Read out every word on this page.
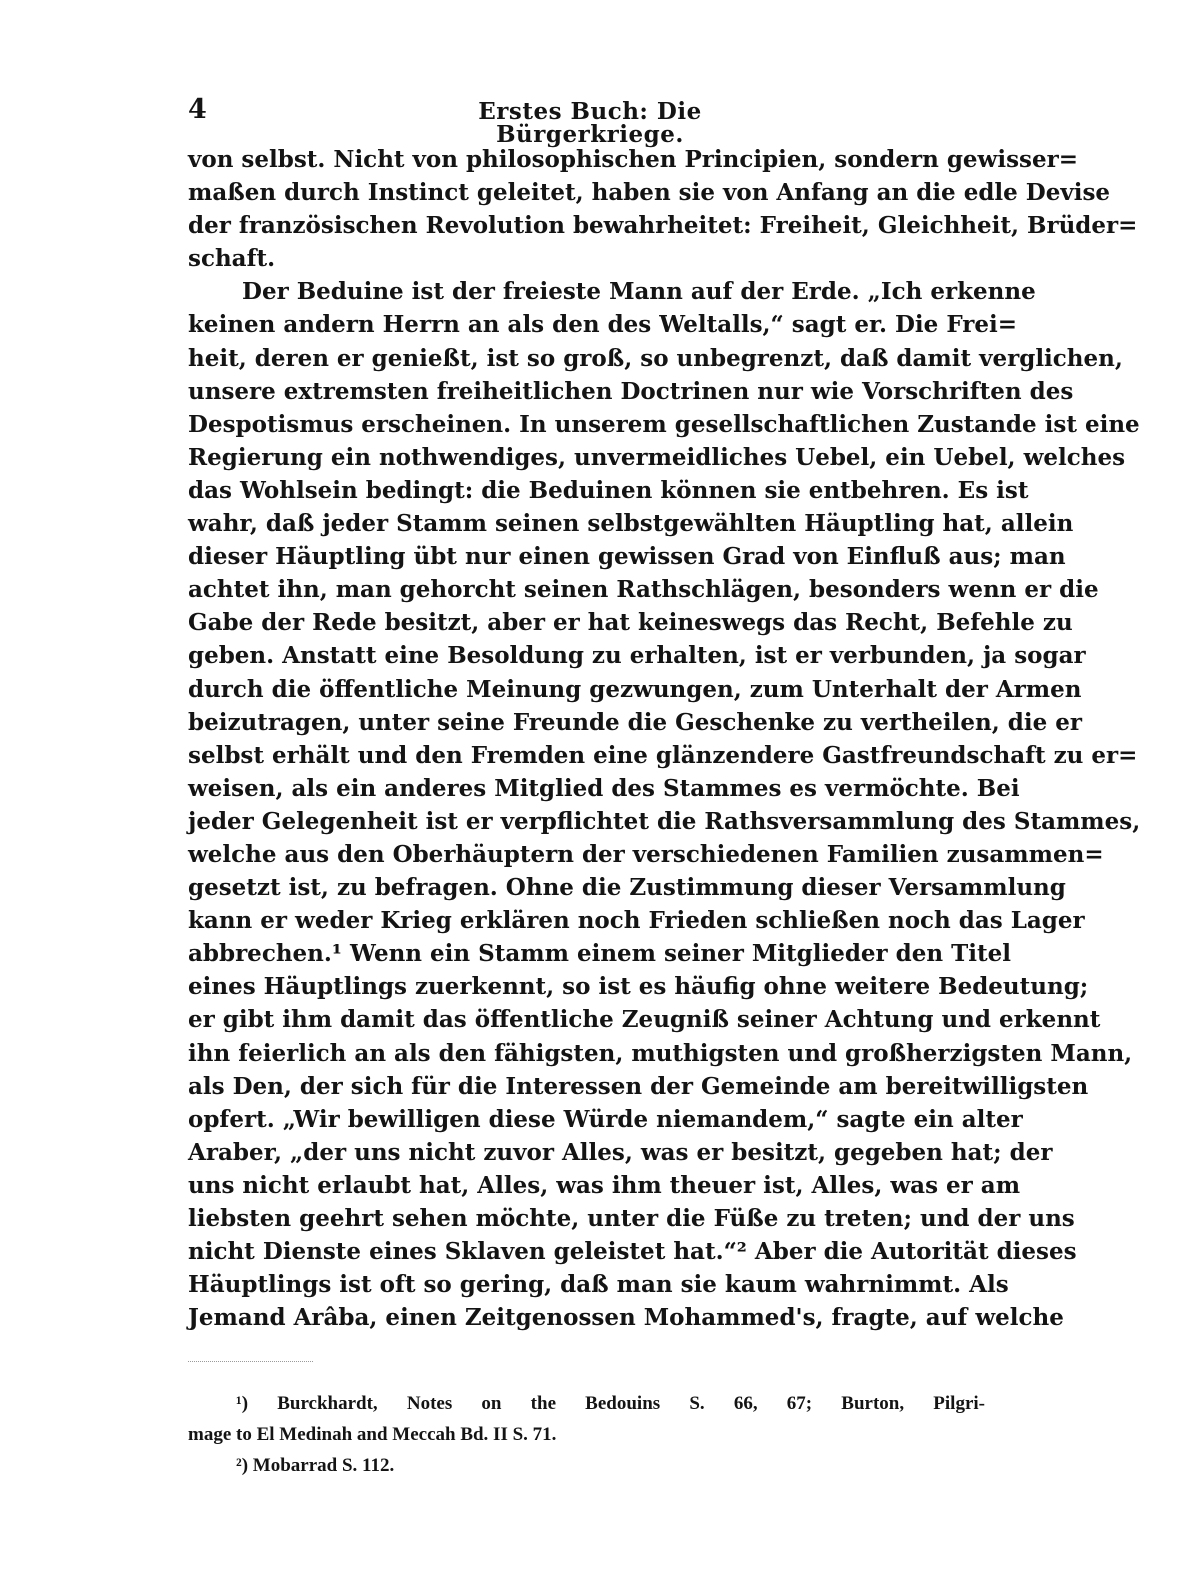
4	Erstes Buch: Die Bürgerkriege.
von selbst. Nicht von philosophischen Principien, sondern gewisser=
maßen durch Instinct geleitet, haben sie von Anfang an die edle Devise
der französischen Revolution bewahrheitet: Freiheit, Gleichheit, Brüder=
schaft.
Der Beduine ist der freieste Mann auf der Erde. „Ich erkenne
keinen andern Herrn an als den des Weltalls,“ sagt er. Die Frei=
heit, deren er genießt, ist so groß, so unbegrenzt, daß damit verglichen,
unsere extremsten freiheitlichen Doctrinen nur wie Vorschriften des
Despotismus erscheinen. In unserem gesellschaftlichen Zustande ist eine
Regierung ein nothwendiges, unvermeidliches Uebel, ein Uebel, welches
das Wohlsein bedingt: die Beduinen können sie entbehren. Es ist
wahr, daß jeder Stamm seinen selbstgewählten Häuptling hat, allein
dieser Häuptling übt nur einen gewissen Grad von Einfluß aus; man
achtet ihn, man gehorcht seinen Rathschlägen, besonders wenn er die
Gabe der Rede besitzt, aber er hat keineswegs das Recht, Befehle zu
geben. Anstatt eine Besoldung zu erhalten, ist er verbunden, ja sogar
durch die öffentliche Meinung gezwungen, zum Unterhalt der Armen
beizutragen, unter seine Freunde die Geschenke zu vertheilen, die er
selbst erhält und den Fremden eine glänzendere Gastfreundschaft zu er=
weisen, als ein anderes Mitglied des Stammes es vermöchte. Bei
jeder Gelegenheit ist er verpflichtet die Rathsversammlung des Stammes,
welche aus den Oberhäuptern der verschiedenen Familien zusammen=
gesetzt ist, zu befragen. Ohne die Zustimmung dieser Versammlung
kann er weder Krieg erklären noch Frieden schließen noch das Lager
abbrechen.¹ Wenn ein Stamm einem seiner Mitglieder den Titel
eines Häuptlings zuerkennt, so ist es häufig ohne weitere Bedeutung;
er gibt ihm damit das öffentliche Zeugniß seiner Achtung und erkennt
ihn feierlich an als den fähigsten, muthigsten und großherzigsten Mann,
als Den, der sich für die Interessen der Gemeinde am bereitwilligsten
opfert. „Wir bewilligen diese Würde niemandem,“ sagte ein alter
Araber, „der uns nicht zuvor Alles, was er besitzt, gegeben hat; der
uns nicht erlaubt hat, Alles, was ihm theuer ist, Alles, was er am
liebsten geehrt sehen möchte, unter die Füße zu treten; und der uns
nicht Dienste eines Sklaven geleistet hat.“² Aber die Autorität dieses
Häuptlings ist oft so gering, daß man sie kaum wahrnimmt. Als
Jemand Arâba, einen Zeitgenossen Mohammed's, fragte, auf welche
¹) Burckhardt, Notes on the Bedouins S. 66, 67; Burton, Pilgri-
mage to El Medinah and Meccah Bd. II S. 71.
²) Mobarrad S. 112.
